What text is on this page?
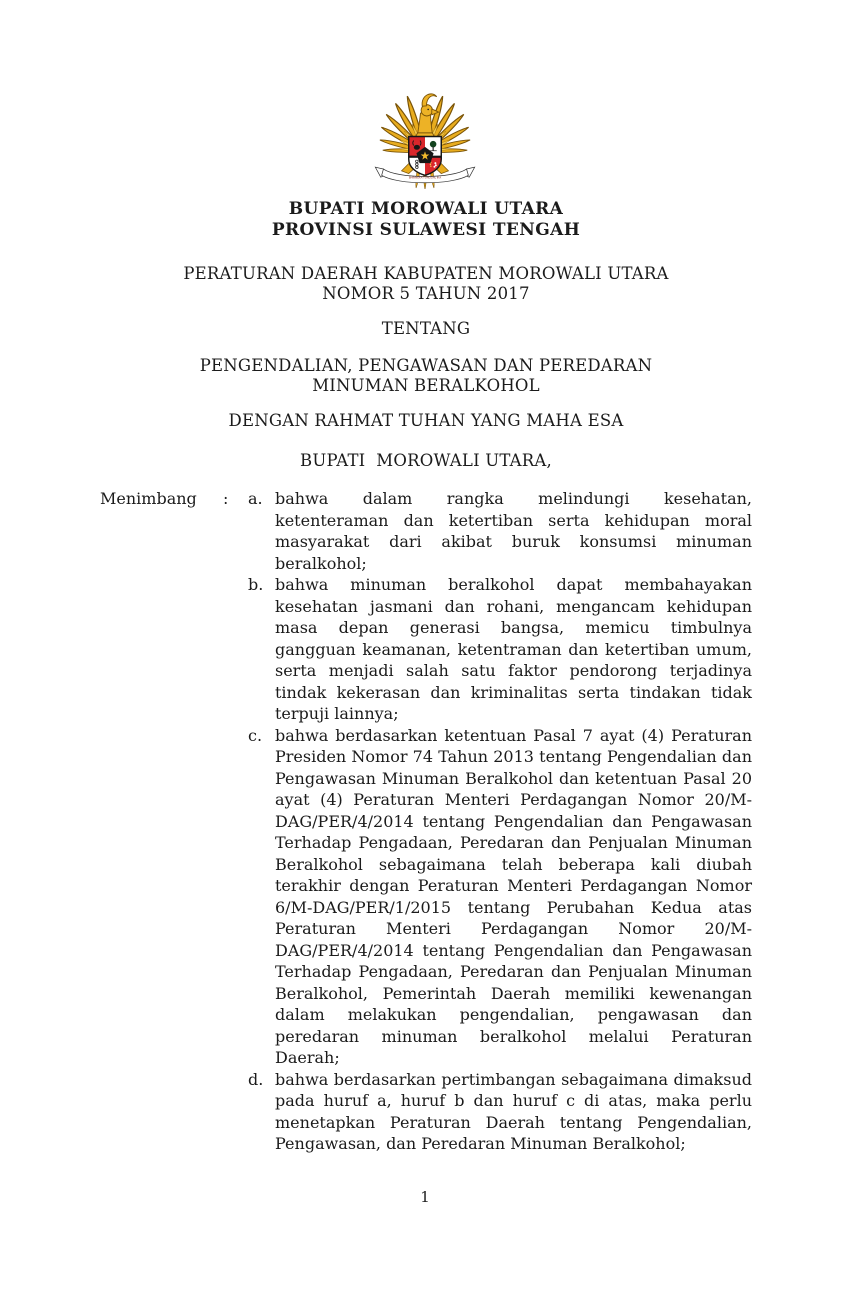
BHINNEKA TUNGGAL IKA
BUPATI MOROWALI UTARA
PROVINSI SULAWESI TENGAH
PERATURAN DAERAH KABUPATEN MOROWALI UTARA
NOMOR 5 TAHUN 2017
TENTANG
PENGENDALIAN, PENGAWASAN DAN PEREDARAN
MINUMAN BERALKOHOL
DENGAN RAHMAT TUHAN YANG MAHA ESA
BUPATI  MOROWALI UTARA,
Menimbang	:	a. bahwa dalam rangka melindungi kesehatan, ketenteraman dan ketertiban serta kehidupan moral masyarakat dari akibat buruk konsumsi minuman beralkohol;
b. bahwa minuman beralkohol dapat membahayakan kesehatan jasmani dan rohani, mengancam kehidupan masa depan generasi bangsa, memicu timbulnya gangguan keamanan, ketentraman dan ketertiban umum, serta menjadi salah satu faktor pendorong terjadinya tindak kekerasan dan kriminalitas serta tindakan tidak terpuji lainnya;
c. bahwa berdasarkan ketentuan Pasal 7 ayat (4) Peraturan Presiden Nomor 74 Tahun 2013 tentang Pengendalian dan Pengawasan Minuman Beralkohol dan ketentuan Pasal 20 ayat (4) Peraturan Menteri Perdagangan Nomor 20/M-DAG/PER/4/2014 tentang Pengendalian dan Pengawasan Terhadap Pengadaan, Peredaran dan Penjualan Minuman Beralkohol sebagaimana telah beberapa kali diubah terakhir dengan Peraturan Menteri Perdagangan Nomor 6/M-DAG/PER/1/2015 tentang Perubahan Kedua atas Peraturan Menteri Perdagangan Nomor 20/M-DAG/PER/4/2014 tentang Pengendalian dan Pengawasan Terhadap Pengadaan, Peredaran dan Penjualan Minuman Beralkohol, Pemerintah Daerah memiliki kewenangan dalam melakukan pengendalian, pengawasan dan peredaran minuman beralkohol melalui Peraturan Daerah;
d. bahwa berdasarkan pertimbangan sebagaimana dimaksud pada huruf a, huruf b dan huruf c di atas, maka perlu menetapkan Peraturan Daerah tentang Pengendalian, Pengawasan, dan Peredaran Minuman Beralkohol;
1
